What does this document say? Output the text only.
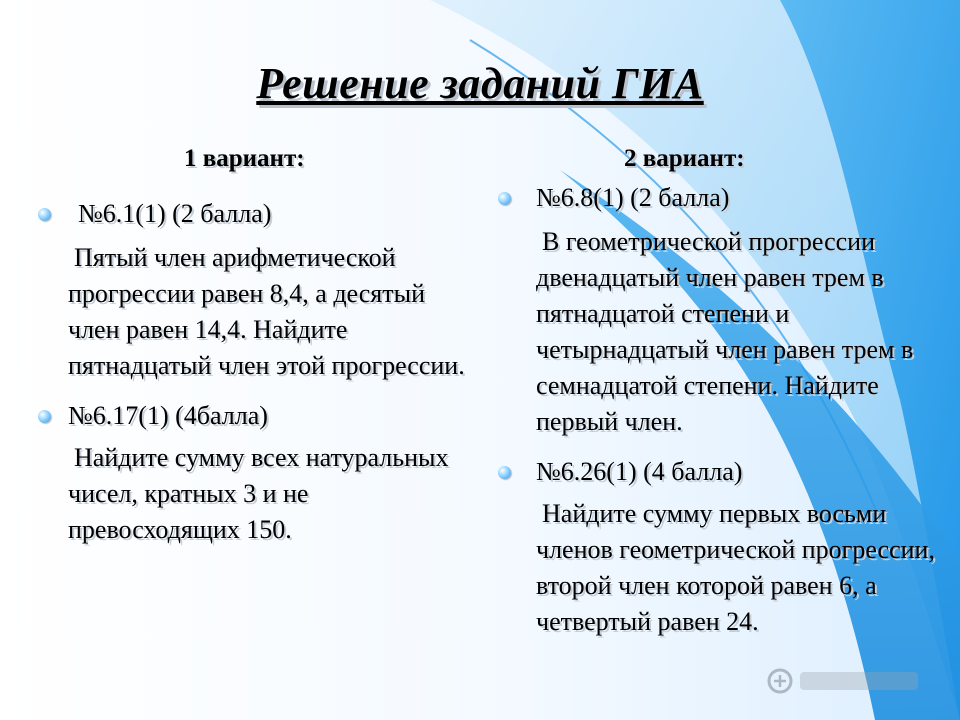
Решение заданий ГИА
1 вариант:	2 вариант:
№6.1(1) (2 балла)
Пятый член арифметической прогрессии равен 8,4, а десятый член равен 14,4. Найдите пятнадцатый член этой прогрессии.
№6.17(1) (4балла)
Найдите сумму всех натуральных чисел, кратных 3 и не превосходящих 150.
№6.8(1) (2 балла)
В геометрической прогрессии двенадцатый член равен трем в пятнадцатой степени и четырнадцатый член равен трем в семнадцатой степени. Найдите первый член.
№6.26(1) (4 балла)
Найдите сумму первых восьми членов геометрической прогрессии, второй член которой равен 6, а четвертый равен 24.
